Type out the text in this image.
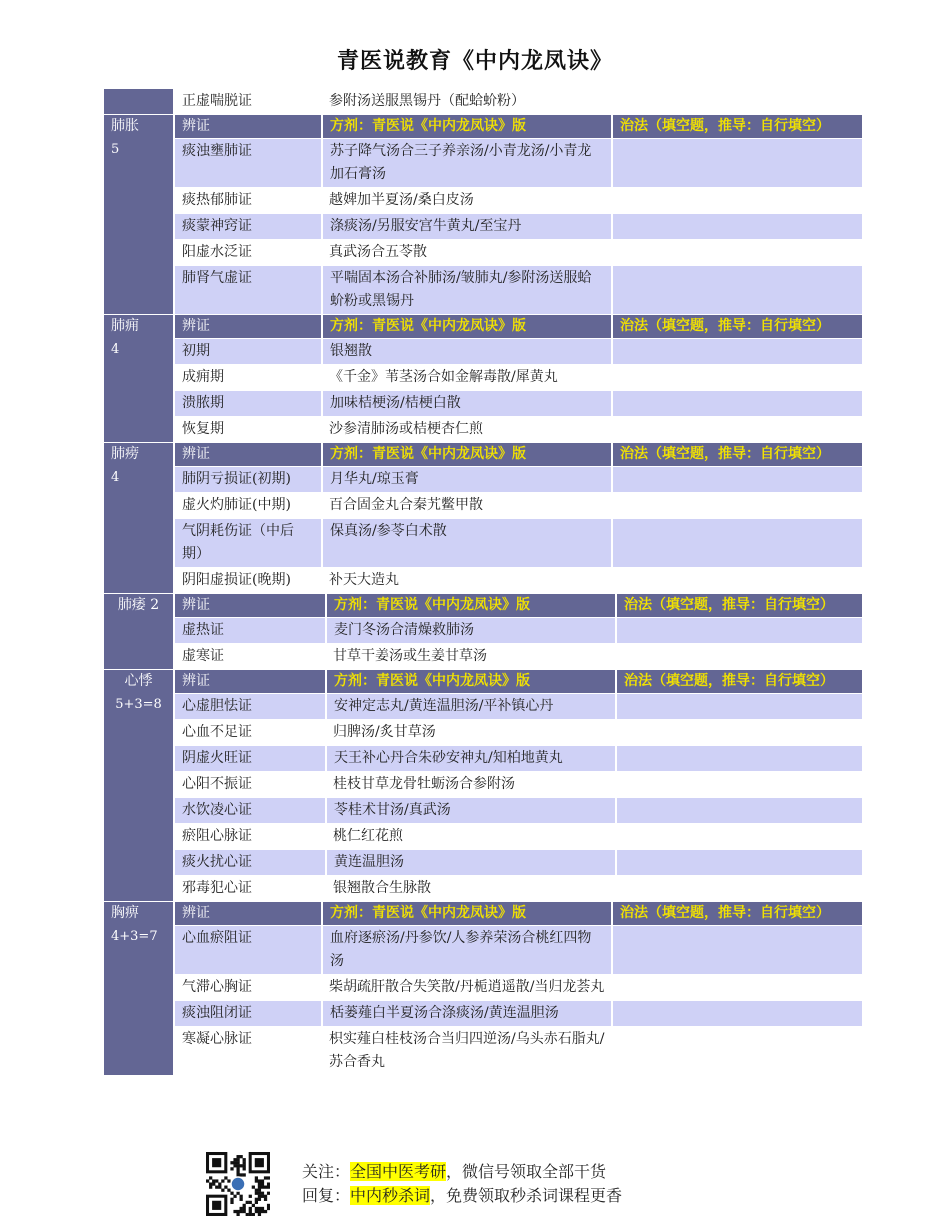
青医说教育《中内龙凤诀》
	正虚喘脱证	参附汤送服黑锡丹（配蛤蚧粉）	
肺胀
5	辨证	方剂：青医说《中内龙凤诀》版	治法（填空题，推导：自行填空）
	痰浊壅肺证	苏子降气汤合三子养亲汤/小青龙汤/小青龙加石膏汤	
	痰热郁肺证	越婢加半夏汤/桑白皮汤	
	痰蒙神窍证	涤痰汤/另服安宫牛黄丸/至宝丹	
	阳虚水泛证	真武汤合五苓散	
	肺肾气虚证	平喘固本汤合补肺汤/皱肺丸/参附汤送服蛤蚧粉或黑锡丹	
肺痈
4	辨证	方剂：青医说《中内龙凤诀》版	治法（填空题，推导：自行填空）
	初期	银翘散	
	成痈期	《千金》苇茎汤合如金解毒散/犀黄丸	
	溃脓期	加味桔梗汤/桔梗白散	
	恢复期	沙参清肺汤或桔梗杏仁煎	
肺痨
4	辨证	方剂：青医说《中内龙凤诀》版	治法（填空题，推导：自行填空）
	肺阴亏损证(初期)	月华丸/琼玉膏	
	虚火灼肺证(中期)	百合固金丸合秦艽鳖甲散	
	气阴耗伤证（中后期）	保真汤/参苓白术散	
	阴阳虚损证(晚期)	补天大造丸	
肺痿 2	辨证	方剂：青医说《中内龙凤诀》版	治法（填空题，推导：自行填空）
	虚热证	麦门冬汤合清燥救肺汤	
	虚寒证	甘草干姜汤或生姜甘草汤	
心悸
5+3=8	辨证	方剂：青医说《中内龙凤诀》版	治法（填空题，推导：自行填空）
	心虚胆怯证	安神定志丸/黄连温胆汤/平补镇心丹	
	心血不足证	归脾汤/炙甘草汤	
	阴虚火旺证	天王补心丹合朱砂安神丸/知柏地黄丸	
	心阳不振证	桂枝甘草龙骨牡蛎汤合参附汤	
	水饮凌心证	苓桂术甘汤/真武汤	
	瘀阻心脉证	桃仁红花煎	
	痰火扰心证	黄连温胆汤	
	邪毒犯心证	银翘散合生脉散	
胸痹
4+3=7	辨证	方剂：青医说《中内龙凤诀》版	治法（填空题，推导：自行填空）
	心血瘀阻证	血府逐瘀汤/丹参饮/人参养荣汤合桃红四物汤	
	气滞心胸证	柴胡疏肝散合失笑散/丹栀逍遥散/当归龙荟丸	
	痰浊阻闭证	栝蒌薤白半夏汤合涤痰汤/黄连温胆汤	
	寒凝心脉证	枳实薤白桂枝汤合当归四逆汤/乌头赤石脂丸/苏合香丸	
关注：全国中医考研，微信号领取全部干货
回复：中内秒杀词，免费领取秒杀词课程更香
